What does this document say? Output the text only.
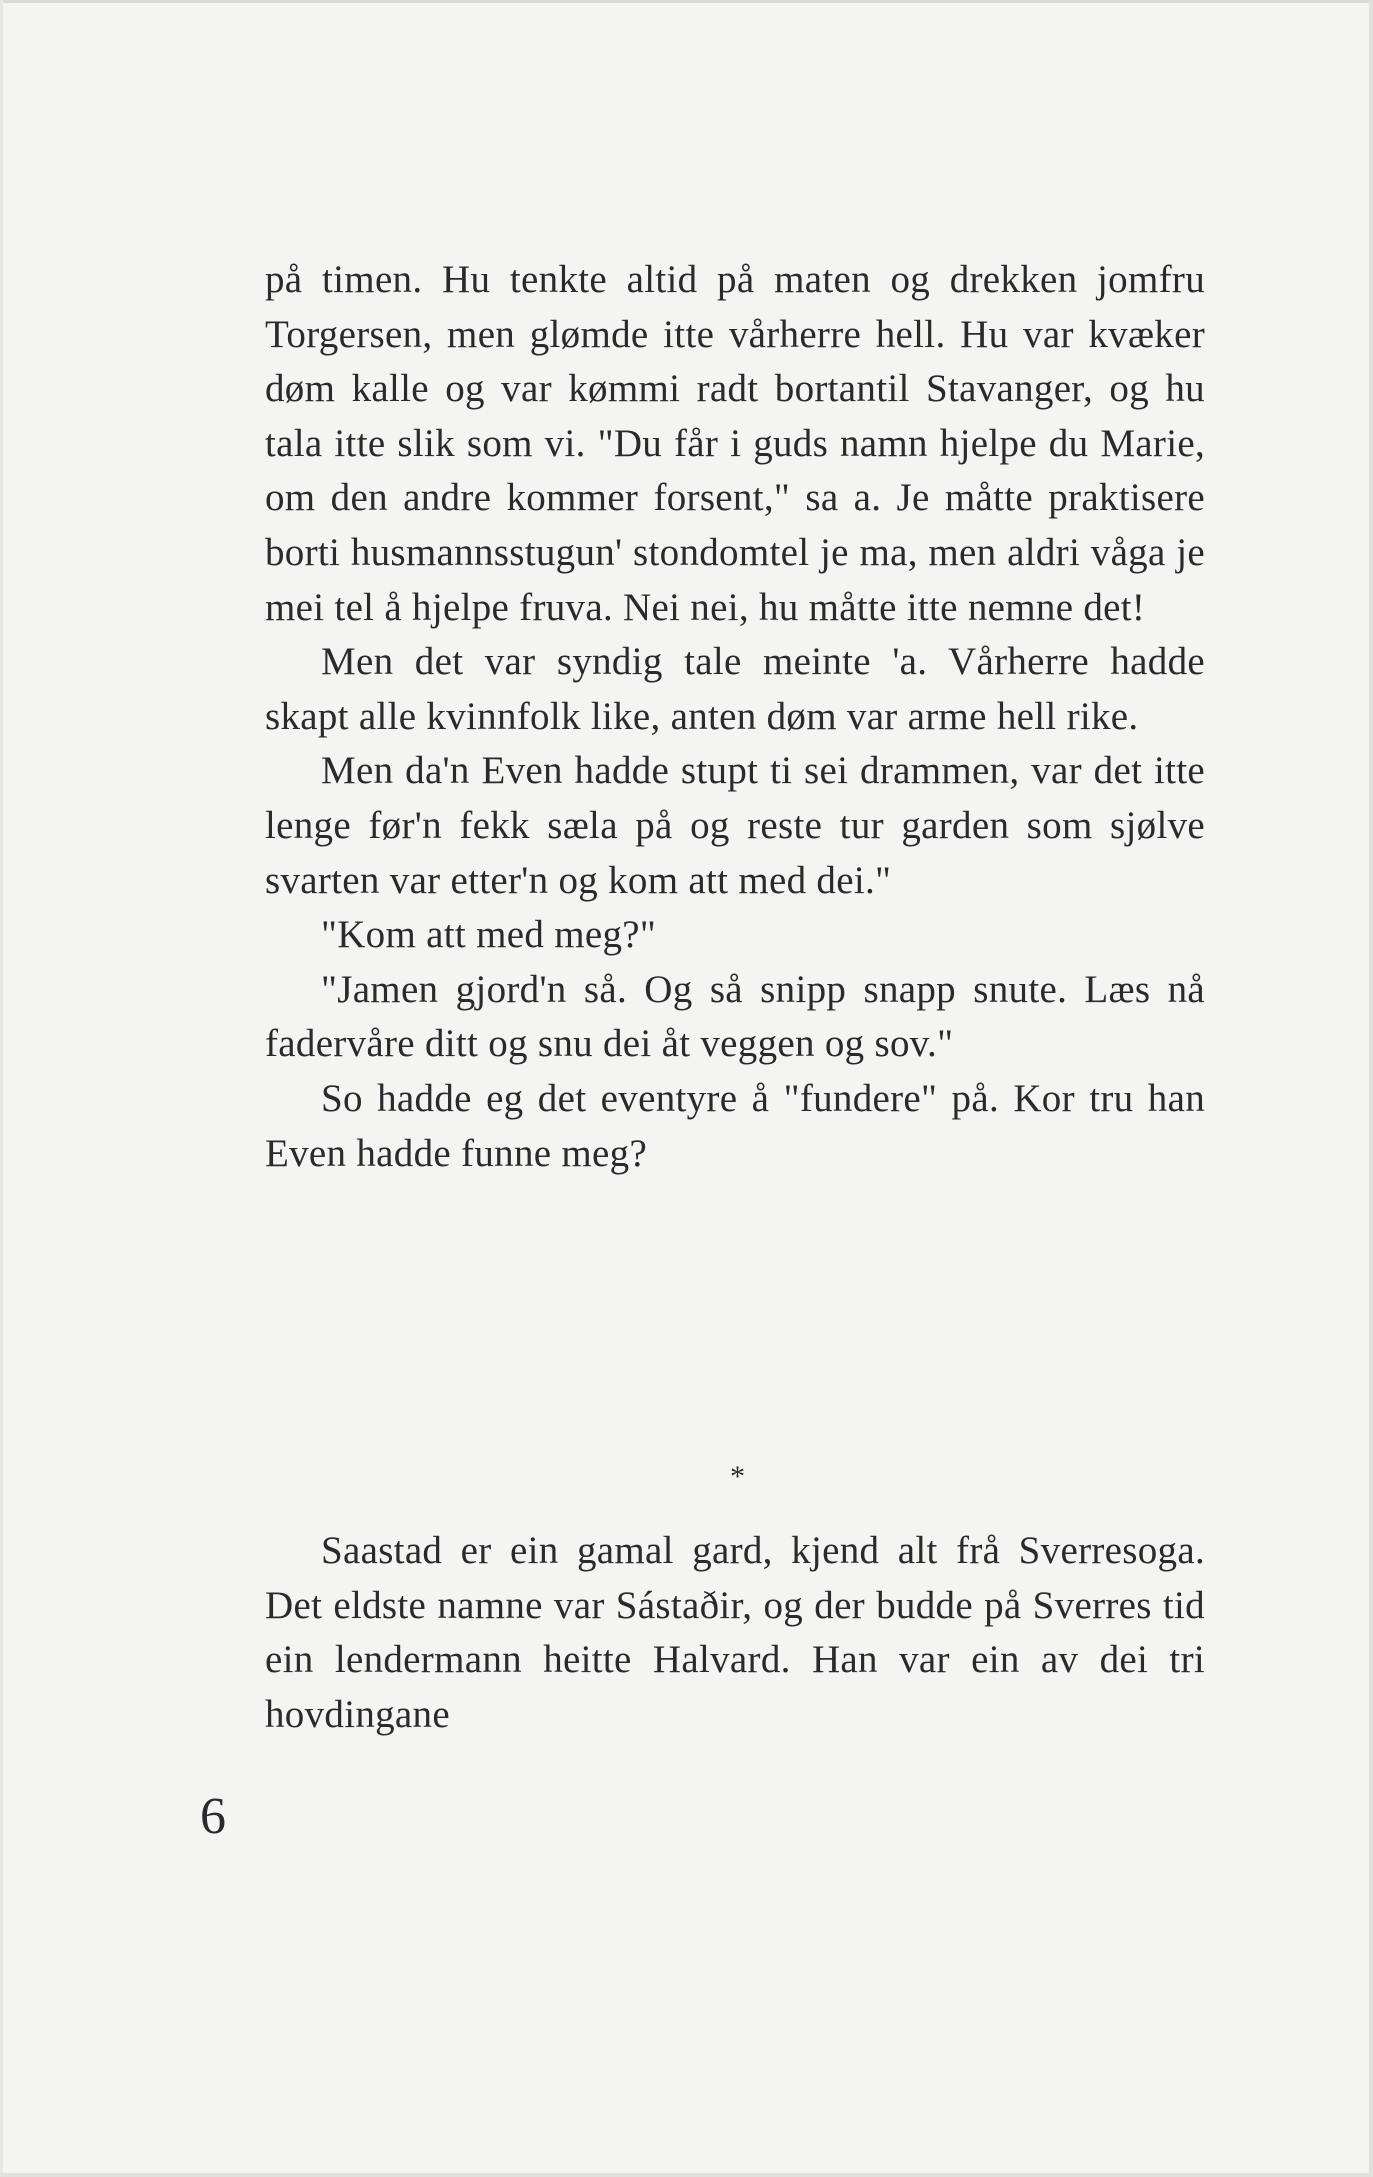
på timen. Hu tenkte altid på maten og drekken jomfru Torgersen, men glømde itte vårherre hell. Hu var kvæker døm kalle og var kømmi radt bortantil Stavanger, og hu tala itte slik som vi. "Du får i guds namn hjelpe du Marie, om den andre kommer forsent," sa a. Je måtte praktisere borti husmannsstugun' stondomtel je ma, men aldri våga je mei tel å hjelpe fruva. Nei nei, hu måtte itte nemne det!

Men det var syndig tale meinte 'a. Vårherre hadde skapt alle kvinnfolk like, anten døm var arme hell rike.

Men da'n Even hadde stupt ti sei drammen, var det itte lenge før'n fekk sæla på og reste tur garden som sjølve svarten var etter'n og kom att med dei."

"Kom att med meg?"

"Jamen gjord'n så. Og så snipp snapp snute. Læs nå fadervåre ditt og snu dei åt veggen og sov."

So hadde eg det eventyre å "fundere" på. Kor tru han Even hadde funne meg?

*

Saastad er ein gamal gard, kjend alt frå Sverresoga. Det eldste namne var Sástaðir, og der budde på Sverres tid ein lendermann heitte Halvard. Han var ein av dei tri hovdingane

6
